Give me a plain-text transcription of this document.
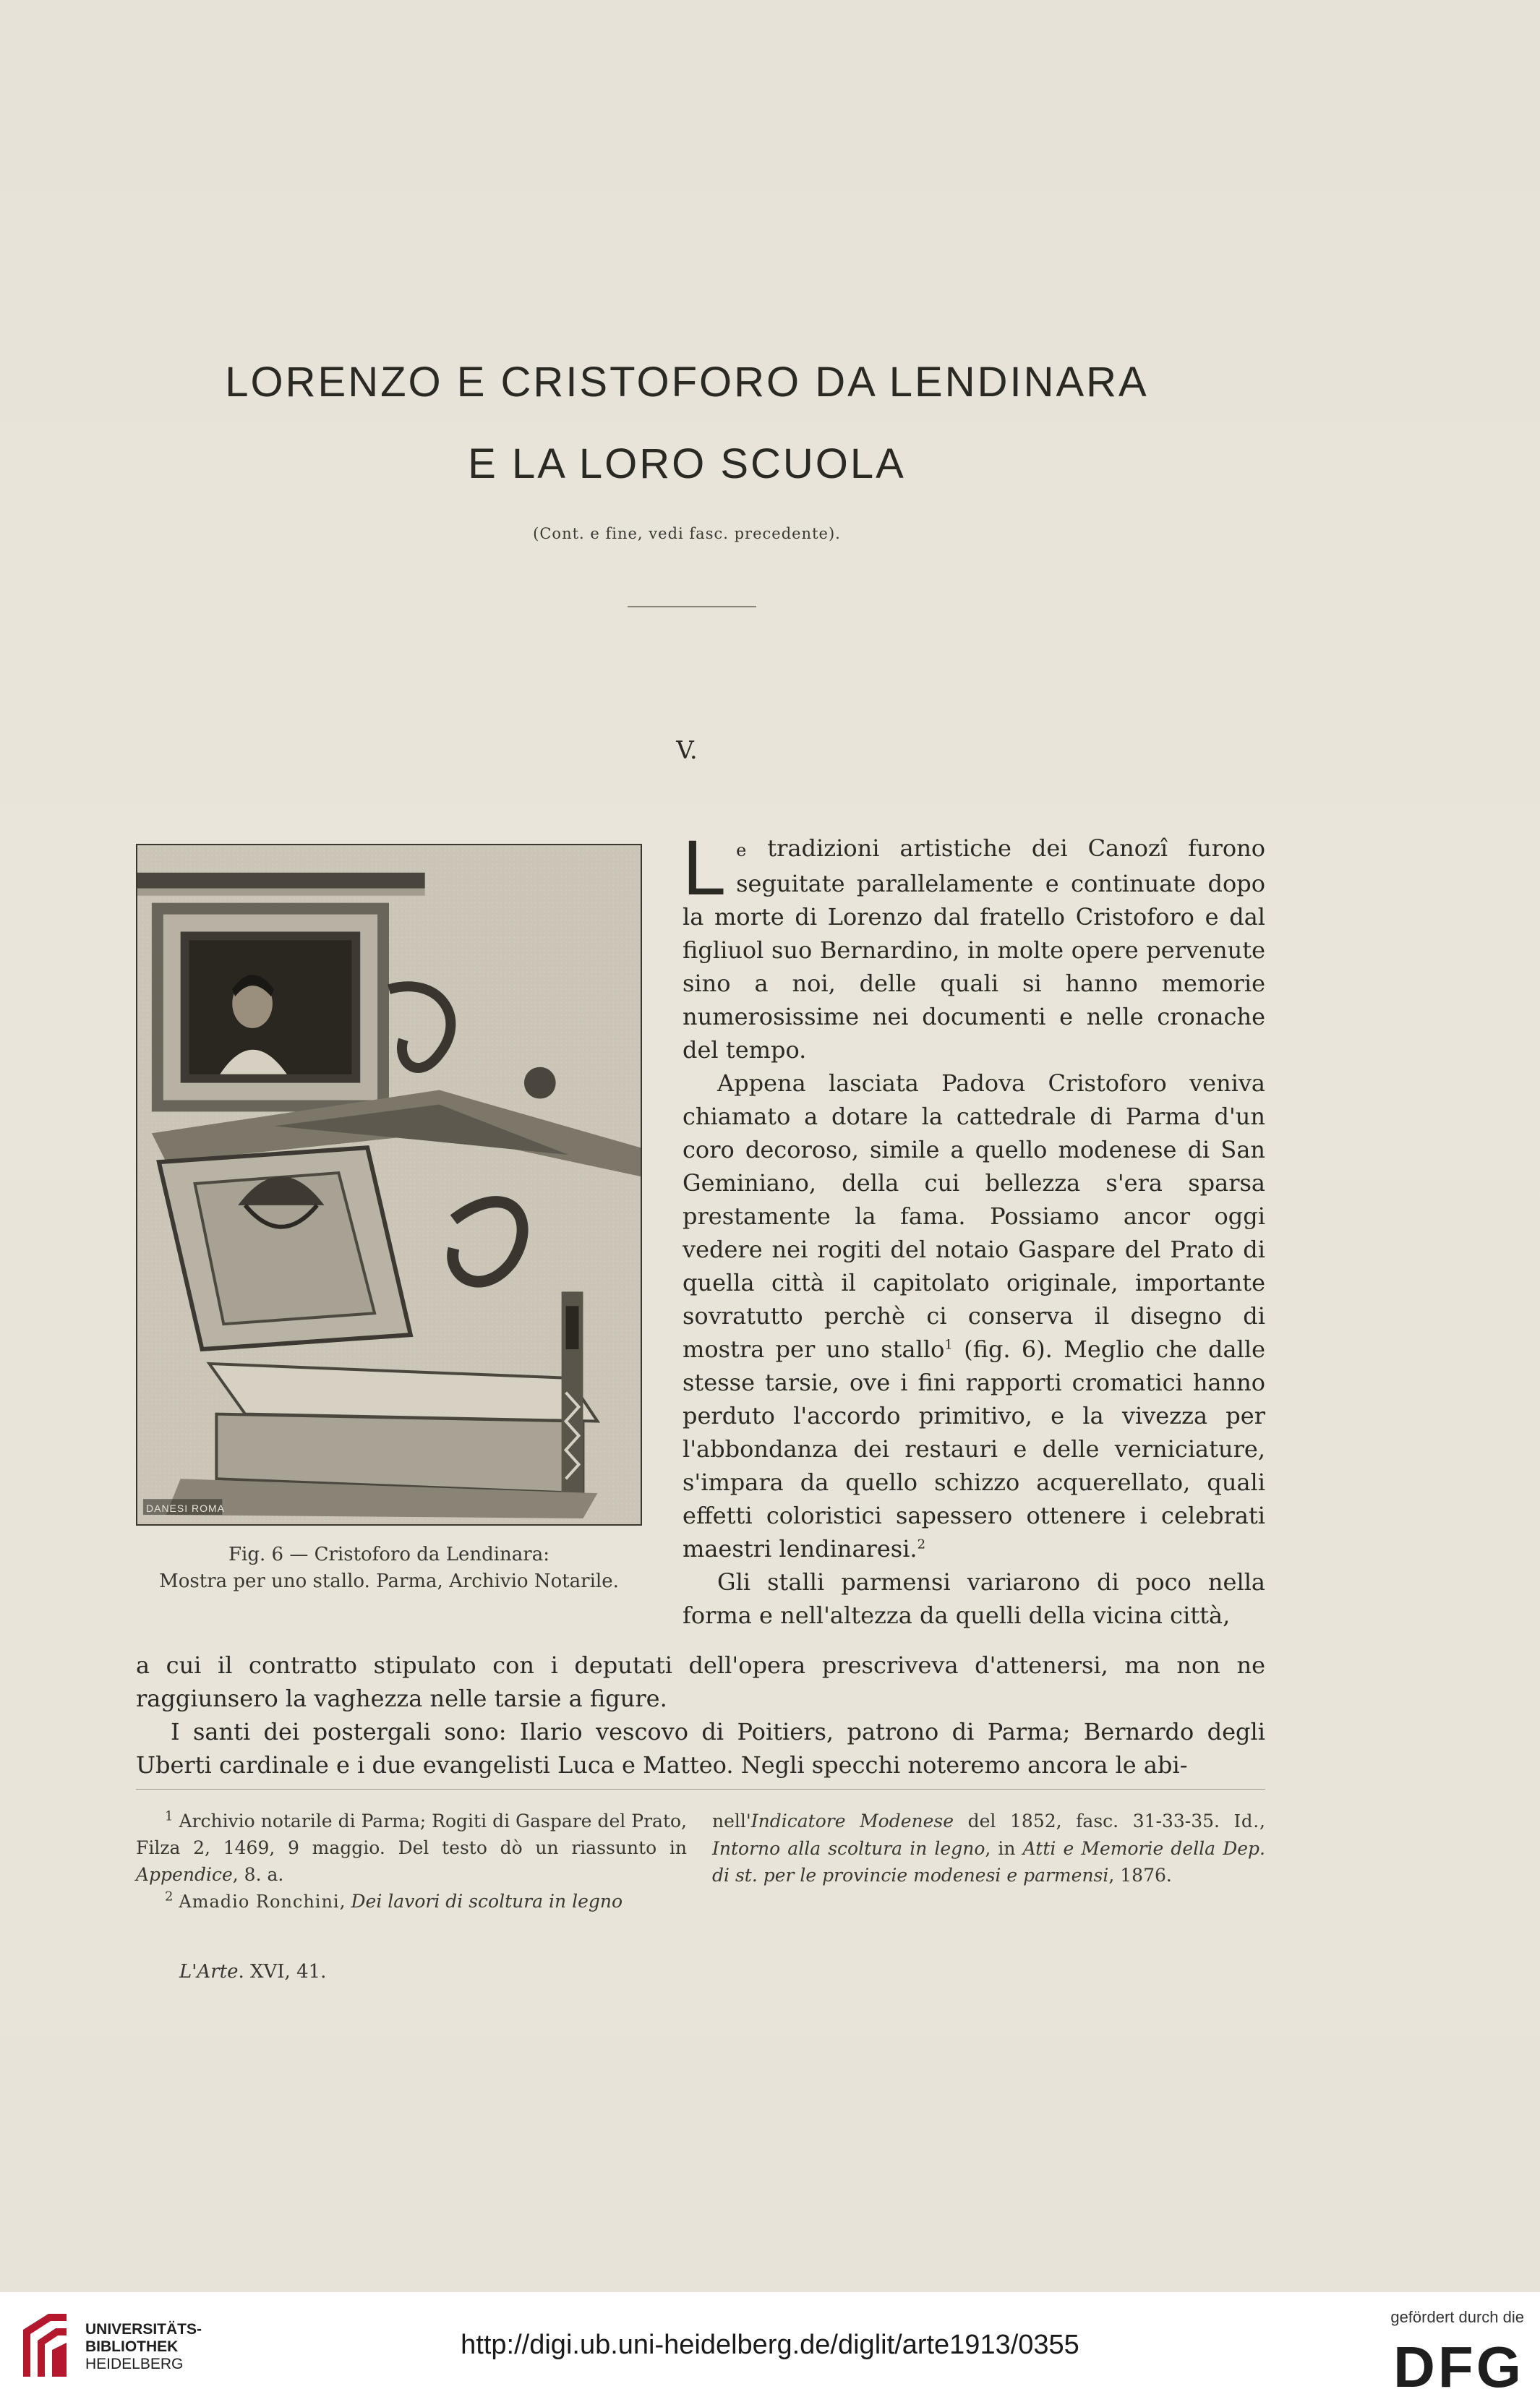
LORENZO E CRISTOFORO DA LENDINARA
E LA LORO SCUOLA
(Cont. e fine, vedi fasc. precedente).
V.
DANESI ROMA
Fig. 6 — Cristoforo da Lendinara:
Mostra per uno stallo. Parma, Archivio Notarile.

Le tradizioni artistiche dei Canozî furono seguitate parallelamente e continuate dopo la morte di Lorenzo dal fratello Cristoforo e dal figliuol suo Bernardino, in molte opere pervenute sino a noi, delle quali si hanno memorie numerosissime nei documenti e nelle cronache del tempo.

Appena lasciata Padova Cristoforo veniva chiamato a dotare la cattedrale di Parma d'un coro decoroso, simile a quello modenese di San Geminiano, della cui bellezza s'era sparsa prestamente la fama. Possiamo ancor oggi vedere nei rogiti del notaio Gaspare del Prato di quella città il capitolato originale, importante sovratutto perchè ci conserva il disegno di mostra per uno stallo$^1$ (fig. 6). Meglio che dalle stesse tarsie, ove i fini rapporti cromatici hanno perduto l'accordo primitivo, e la vivezza per l'abbondanza dei restauri e delle verniciature, s'impara da quello schizzo acquerellato, quali effetti coloristici sapessero ottenere i celebrati maestri lendinaresi.$^2$

Gli stalli parmensi variarono di poco nella forma e nell'altezza da quelli della vicina città,

a cui il contratto stipulato con i deputati dell'opera prescriveva d'attenersi, ma non ne raggiunsero la vaghezza nelle tarsie a figure.

I santi dei postergali sono: Ilario vescovo di Poitiers, patrono di Parma; Bernardo degli Uberti cardinale e i due evangelisti Luca e Matteo. Negli specchi noteremo ancora le abi-

$^1$ Archivio notarile di Parma; Rogiti di Gaspare del Prato, Filza 2, 1469, 9 maggio. Del testo dò un riassunto in Appendice, 8. a.

$^2$ Amadio Ronchini, Dei lavori di scoltura in legno

nell'Indicatore Modenese del 1852, fasc. 31-33-35. Id., Intorno alla scoltura in legno, in Atti e Memorie della Dep. di st. per le provincie modenesi e parmensi, 1876.

L'Arte. XVI, 41.
UNIVERSITÄTS-
BIBLIOTHEK
HEIDELBERG
http://digi.ub.uni-heidelberg.de/diglit/arte1913/0355
gefördert durch die
DFG
